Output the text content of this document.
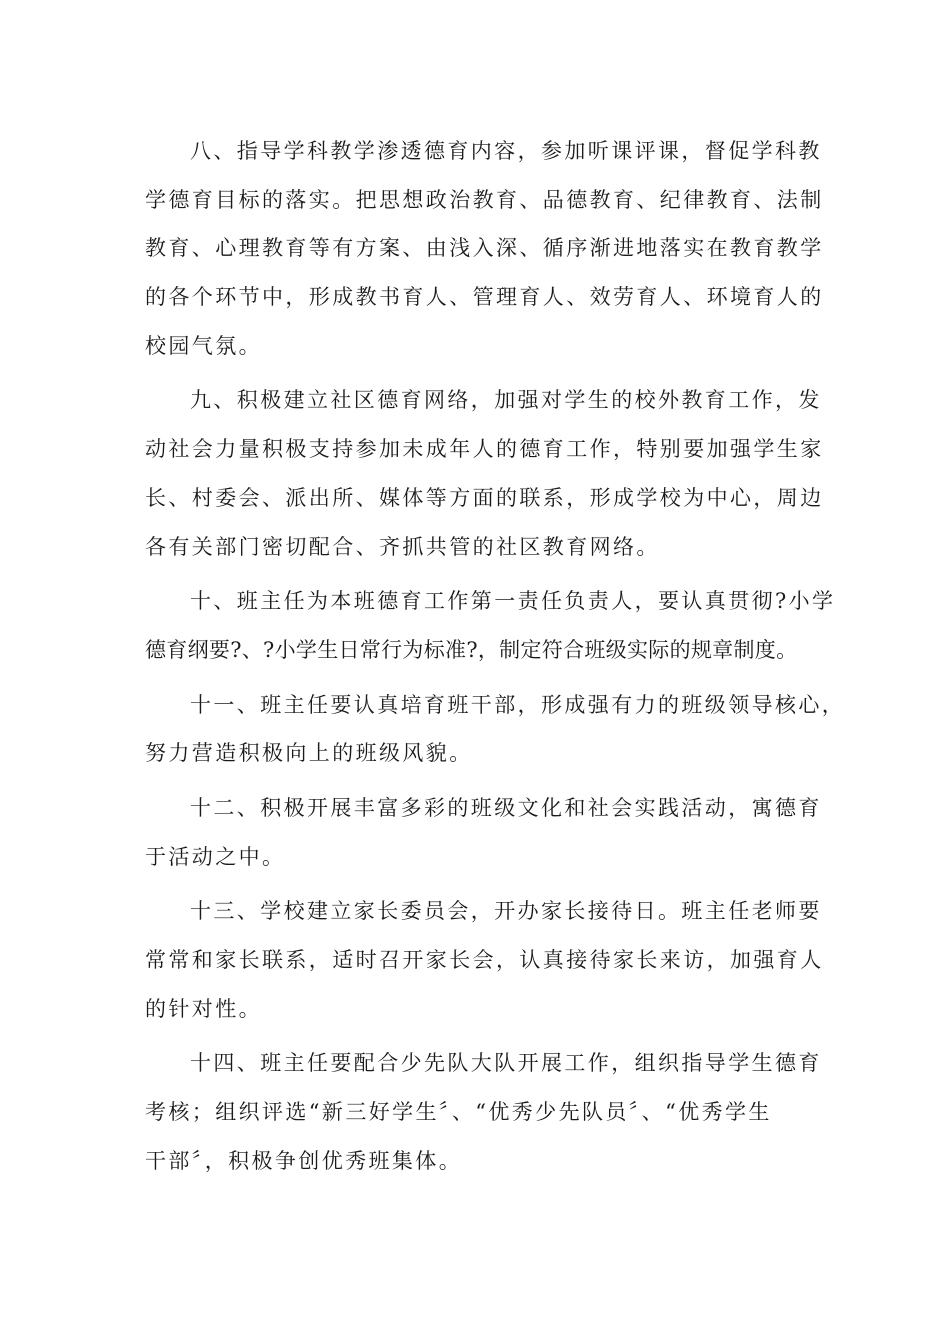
八、指导学科教学渗透德育内容，参加听课评课，督促学科教
学德育目标的落实。把思想政治教育、品德教育、纪律教育、法制
教育、心理教育等有方案、由浅入深、循序渐进地落实在教育教学
的各个环节中，形成教书育人、管理育人、效劳育人、环境育人的
校园气氛。
九、积极建立社区德育网络，加强对学生的校外教育工作，发
动社会力量积极支持参加未成年人的德育工作，特别要加强学生家
长、村委会、派出所、媒体等方面的联系，形成学校为中心，周边
各有关部门密切配合、齐抓共管的社区教育网络。
十、班主任为本班德育工作第一责任负责人，要认真贯彻?小学
德育纲要?、?小学生日常行为标准?，制定符合班级实际的规章制度。
十一、班主任要认真培育班干部，形成强有力的班级领导核心，
努力营造积极向上的班级风貌。
十二、积极开展丰富多彩的班级文化和社会实践活动，寓德育
于活动之中。
十三、学校建立家长委员会，开办家长接待日。班主任老师要
常常和家长联系，适时召开家长会，认真接待家长来访，加强育人
的针对性。
十四、班主任要配合少先队大队开展工作，组织指导学生德育
考核；组织评选“新三好学生〞、“优秀少先队员〞、“优秀学生
干部〞，积极争创优秀班集体。
